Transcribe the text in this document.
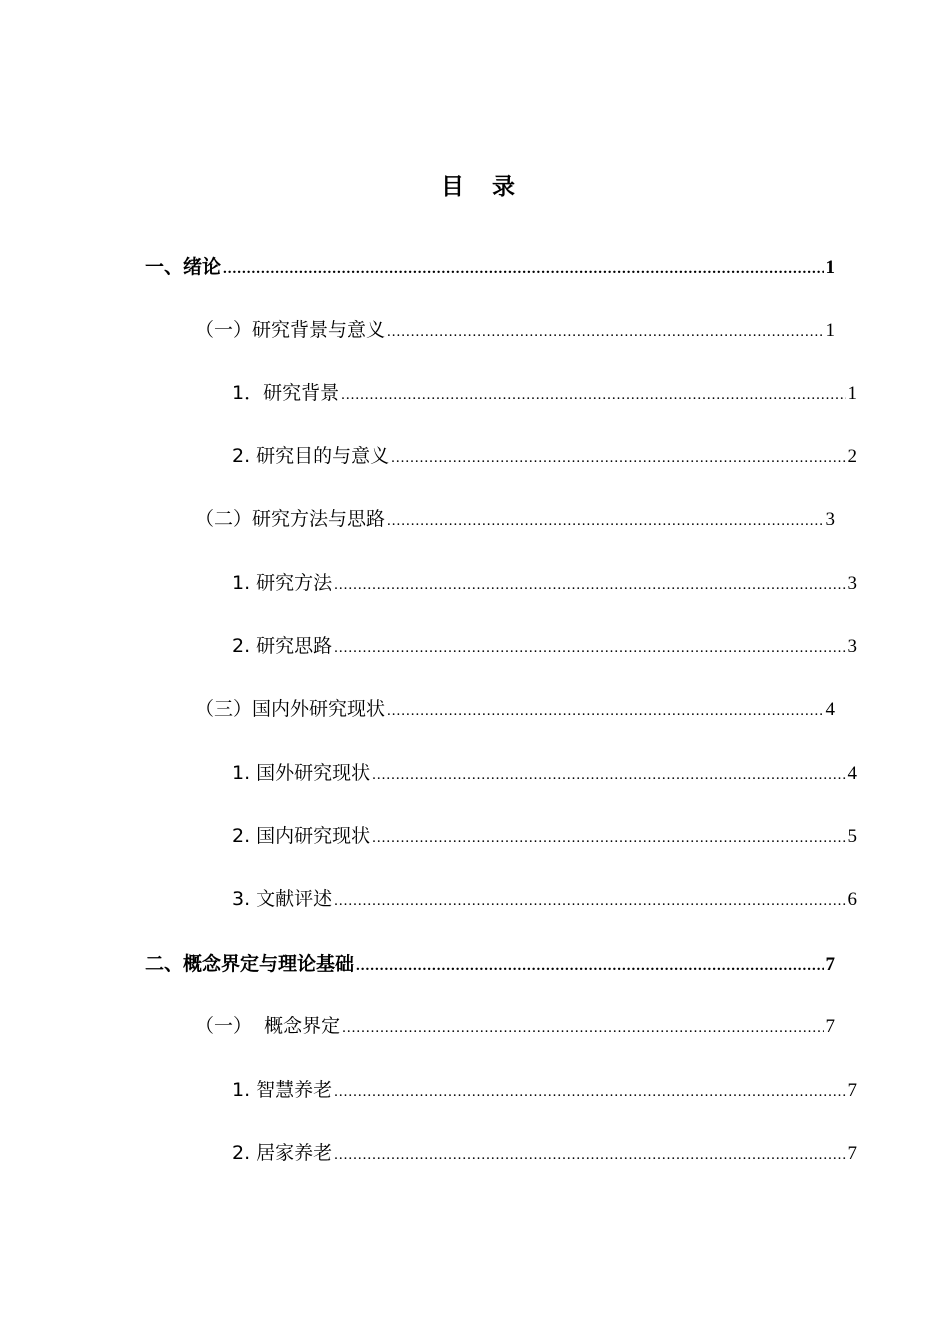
目录
一、绪论 .....	1
（一）研究背景与意义 .....	1
1．研究背景 .....	1
2. 研究目的与意义 .....	2
（二）研究方法与思路 .....	3
1. 研究方法 .....	3
2. 研究思路 .....	3
（三）国内外研究现状 .....	4
1. 国外研究现状 .....	4
2. 国内研究现状 .....	5
3. 文献评述 .....	6
二、概念界定与理论基础 .....	7
（一）  概念界定 .....	7
1. 智慧养老 .....	7
2. 居家养老 .....	7
